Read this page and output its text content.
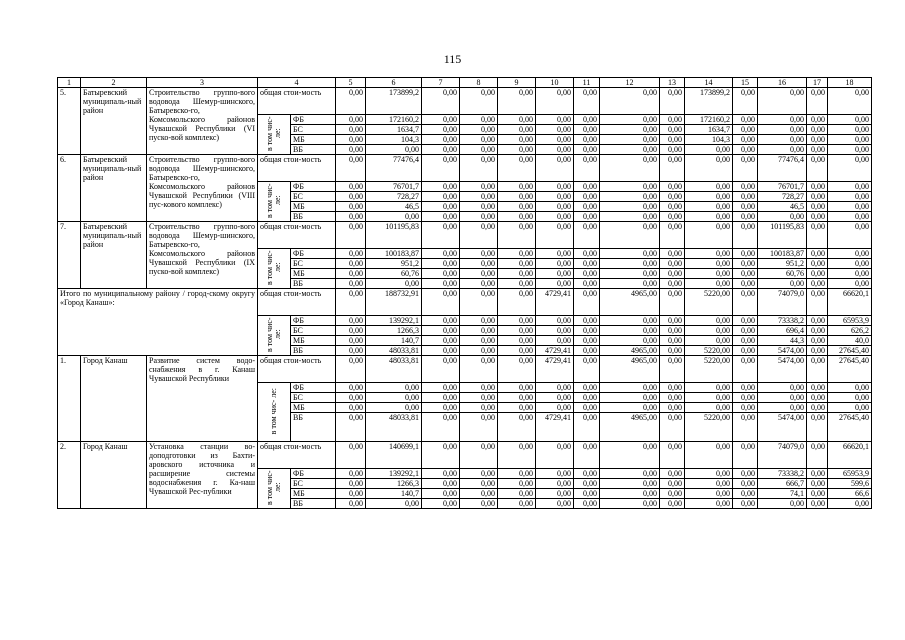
115
1	2	3	4		5	6	7	8	9	10	11	12	13	14	15	16	17	18
5.	Батыревский муниципаль-ный район	Строительство группо-вого водовода Шемур-шинского, Батыревско-го, Комсомольского районов Чувашской Республики (VI пуско-вой комплекс)	общая стои-мость		0,00	173899,2	0,00	0,00	0,00	0,00	0,00	0,00	0,00	173899,2	0,00	0,00	0,00	0,00
			в том чис- ле:	ФБ	0,00	172160,2	0,00	0,00	0,00	0,00	0,00	0,00	0,00	172160,2	0,00	0,00	0,00	0,00
				БС	0,00	1634,7	0,00	0,00	0,00	0,00	0,00	0,00	0,00	1634,7	0,00	0,00	0,00	0,00
				МБ	0,00	104,3	0,00	0,00	0,00	0,00	0,00	0,00	0,00	104,3	0,00	0,00	0,00	0,00
				ВБ	0,00	0,00	0,00	0,00	0,00	0,00	0,00	0,00	0,00	0,00	0,00	0,00	0,00	0,00
6.	Батыревский муниципаль-ный район	Строительство группо-вого водовода Шемур-шинского, Батыревско-го, Комсомольского районов Чувашской Республики (VIII пус-кового комплекс)	общая стои-мость		0,00	77476,4	0,00	0,00	0,00	0,00	0,00	0,00	0,00	0,00	0,00	77476,4	0,00	0,00
			в том чис- ле:	ФБ	0,00	76701,7	0,00	0,00	0,00	0,00	0,00	0,00	0,00	0,00	0,00	76701,7	0,00	0,00
				БС	0,00	728,27	0,00	0,00	0,00	0,00	0,00	0,00	0,00	0,00	0,00	728,27	0,00	0,00
				МБ	0,00	46,5	0,00	0,00	0,00	0,00	0,00	0,00	0,00	0,00	0,00	46,5	0,00	0,00
				ВБ	0,00	0,00	0,00	0,00	0,00	0,00	0,00	0,00	0,00	0,00	0,00	0,00	0,00	0,00
7.	Батыревский муниципаль-ный район	Строительство группо-вого водовода Шемур-шинского, Батыревско-го, Комсомольского районов Чувашской Республики (IX пуско-вой комплекс)	общая стои-мость		0,00	101195,83	0,00	0,00	0,00	0,00	0,00	0,00	0,00	0,00	0,00	101195,83	0,00	0,00
			в том чис- ле:	ФБ	0,00	100183,87	0,00	0,00	0,00	0,00	0,00	0,00	0,00	0,00	0,00	100183,87	0,00	0,00
				БС	0,00	951,2	0,00	0,00	0,00	0,00	0,00	0,00	0,00	0,00	0,00	951,2	0,00	0,00
				МБ	0,00	60,76	0,00	0,00	0,00	0,00	0,00	0,00	0,00	0,00	0,00	60,76	0,00	0,00
				ВБ	0,00	0,00	0,00	0,00	0,00	0,00	0,00	0,00	0,00	0,00	0,00	0,00	0,00	0,00
Итого по муниципальному району / город-скому округу «Город Канаш»:			общая стои-мость		0,00	188732,91	0,00	0,00	0,00	4729,41	0,00	4965,00	0,00	5220,00	0,00	74079,0	0,00	66620,1
			в том чис- ле:	ФБ	0,00	139292,1	0,00	0,00	0,00	0,00	0,00	0,00	0,00	0,00	0,00	73338,2	0,00	65953,9
				БС	0,00	1266,3	0,00	0,00	0,00	0,00	0,00	0,00	0,00	0,00	0,00	696,4	0,00	626,2
				МБ	0,00	140,7	0,00	0,00	0,00	0,00	0,00	0,00	0,00	0,00	0,00	44,3	0,00	40,0
				ВБ	0,00	48033,81	0,00	0,00	0,00	4729,41	0,00	4965,00	0,00	5220,00	0,00	5474,00	0,00	27645,40
1.	Город Канаш	Развитие систем водо-снабжения в г. Канаш Чувашской Республики	общая стои-мость		0,00	48033,81	0,00	0,00	0,00	4729,41	0,00	4965,00	0,00	5220,00	0,00	5474,00	0,00	27645,40
			в том чис- ле:	ФБ	0,00	0,00	0,00	0,00	0,00	0,00	0,00	0,00	0,00	0,00	0,00	0,00	0,00	0,00
				БС	0,00	0,00	0,00	0,00	0,00	0,00	0,00	0,00	0,00	0,00	0,00	0,00	0,00	0,00
				МБ	0,00	0,00	0,00	0,00	0,00	0,00	0,00	0,00	0,00	0,00	0,00	0,00	0,00	0,00
				ВБ	0,00	48033,81	0,00	0,00	0,00	4729,41	0,00	4965,00	0,00	5220,00	0,00	5474,00	0,00	27645,40
2.	Город Канаш	Установка станции во-доподготовки из Бахти-аровского источника и расширение системы водоснабжения г. Ка-наш Чувашской Рес-публики	общая стои-мость		0,00	140699,1	0,00	0,00	0,00	0,00	0,00	0,00	0,00	0,00	0,00	74079,0	0,00	66620,1
			в том чис- ле:	ФБ	0,00	139292,1	0,00	0,00	0,00	0,00	0,00	0,00	0,00	0,00	0,00	73338,2	0,00	65953,9
				БС	0,00	1266,3	0,00	0,00	0,00	0,00	0,00	0,00	0,00	0,00	0,00	666,7	0,00	599,6
				МБ	0,00	140,7	0,00	0,00	0,00	0,00	0,00	0,00	0,00	0,00	0,00	74,1	0,00	66,6
				ВБ	0,00	0,00	0,00	0,00	0,00	0,00	0,00	0,00	0,00	0,00	0,00	0,00	0,00	0,00
